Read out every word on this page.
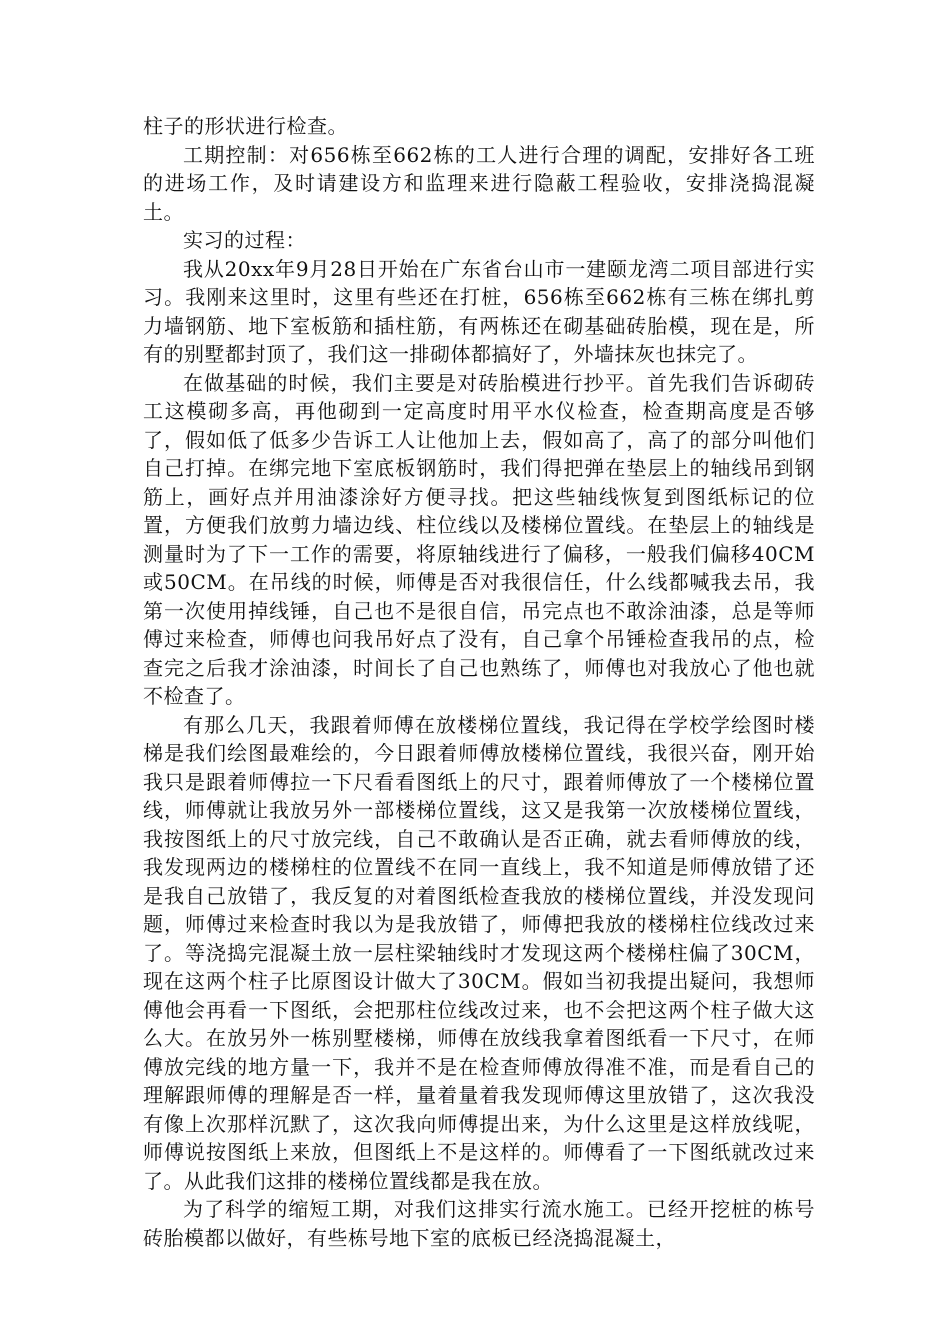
柱子的形状进行检查。

工期控制：对656栋至662栋的工人进行合理的调配，安排好各工班的进场工作，及时请建设方和监理来进行隐蔽工程验收，安排浇捣混凝土。

实习的过程：

我从20xx年9月28日开始在广东省台山市一建颐龙湾二项目部进行实习。我刚来这里时，这里有些还在打桩，656栋至662栋有三栋在绑扎剪力墙钢筋、地下室板筋和插柱筋，有两栋还在砌基础砖胎模，现在是，所有的别墅都封顶了，我们这一排砌体都搞好了，外墙抹灰也抹完了。

在做基础的时候，我们主要是对砖胎模进行抄平。首先我们告诉砌砖工这模砌多高，再他砌到一定高度时用平水仪检查，检查期高度是否够了，假如低了低多少告诉工人让他加上去，假如高了，高了的部分叫他们自己打掉。在绑完地下室底板钢筋时，我们得把弹在垫层上的轴线吊到钢筋上，画好点并用油漆涂好方便寻找。把这些轴线恢复到图纸标记的位置，方便我们放剪力墙边线、柱位线以及楼梯位置线。在垫层上的轴线是测量时为了下一工作的需要，将原轴线进行了偏移，一般我们偏移40CM或50CM。在吊线的时候，师傅是否对我很信任，什么线都喊我去吊，我第一次使用掉线锤，自己也不是很自信，吊完点也不敢涂油漆，总是等师傅过来检查，师傅也问我吊好点了没有，自己拿个吊锤检查我吊的点，检查完之后我才涂油漆，时间长了自己也熟练了，师傅也对我放心了他也就不检查了。

有那么几天，我跟着师傅在放楼梯位置线，我记得在学校学绘图时楼梯是我们绘图最难绘的，今日跟着师傅放楼梯位置线，我很兴奋，刚开始我只是跟着师傅拉一下尺看看图纸上的尺寸，跟着师傅放了一个楼梯位置线，师傅就让我放另外一部楼梯位置线，这又是我第一次放楼梯位置线，我按图纸上的尺寸放完线，自己不敢确认是否正确，就去看师傅放的线，我发现两边的楼梯柱的位置线不在同一直线上，我不知道是师傅放错了还是我自己放错了，我反复的对着图纸检查我放的楼梯位置线，并没发现问题，师傅过来检查时我以为是我放错了，师傅把我放的楼梯柱位线改过来了。等浇捣完混凝土放一层柱梁轴线时才发现这两个楼梯柱偏了30CM，现在这两个柱子比原图设计做大了30CM。假如当初我提出疑问，我想师傅他会再看一下图纸，会把那柱位线改过来，也不会把这两个柱子做大这么大。在放另外一栋别墅楼梯，师傅在放线我拿着图纸看一下尺寸，在师傅放完线的地方量一下，我并不是在检查师傅放得准不准，而是看自己的理解跟师傅的理解是否一样，量着量着我发现师傅这里放错了，这次我没有像上次那样沉默了，这次我向师傅提出来，为什么这里是这样放线呢，师傅说按图纸上来放，但图纸上不是这样的。师傅看了一下图纸就改过来了。从此我们这排的楼梯位置线都是我在放。

为了科学的缩短工期，对我们这排实行流水施工。已经开挖桩的栋号砖胎模都以做好，有些栋号地下室的底板已经浇捣混凝土，
